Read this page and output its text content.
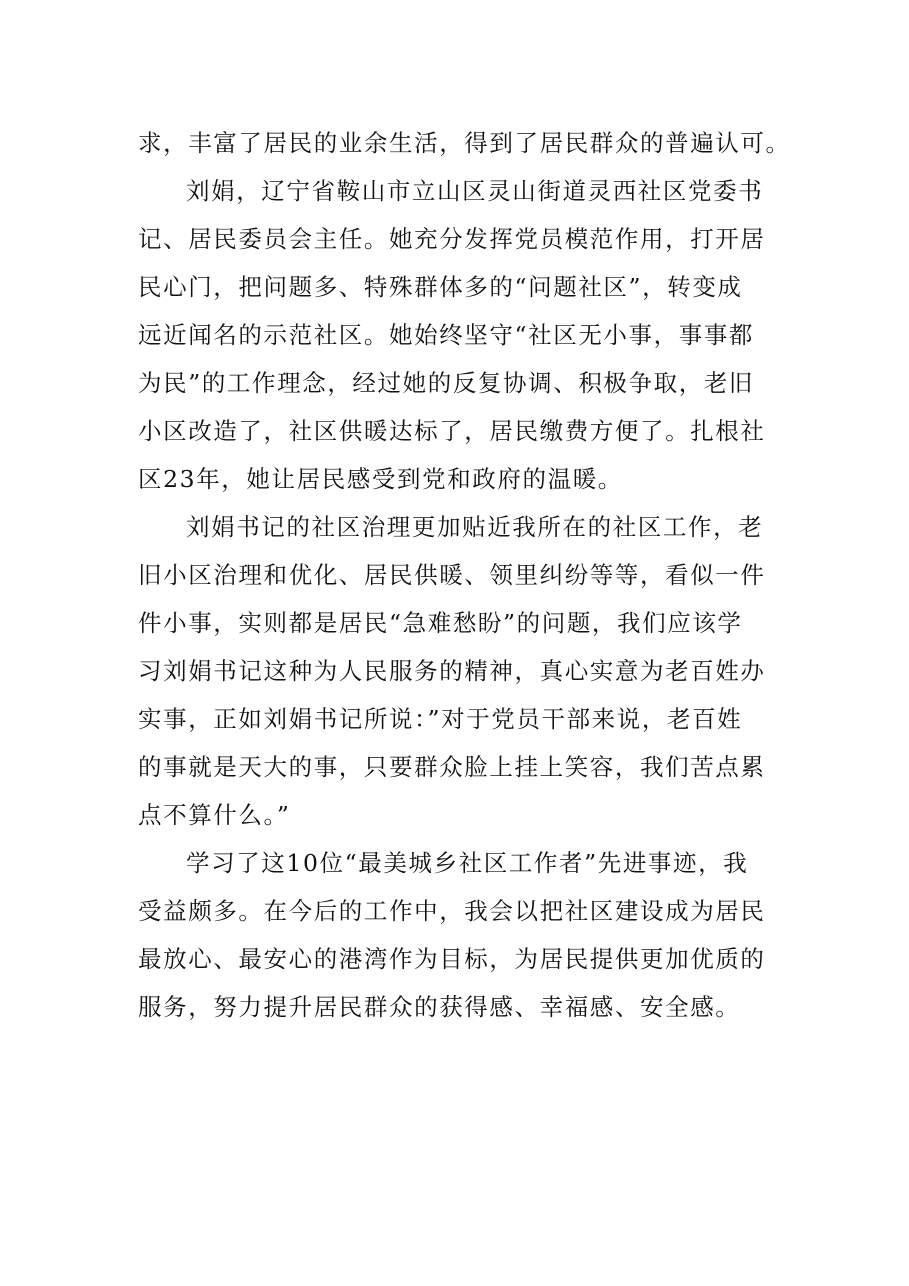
求，丰富了居民的业余生活，得到了居民群众的普遍认可。
刘娟，辽宁省鞍山市立山区灵山街道灵西社区党委书
记、居民委员会主任。她充分发挥党员模范作用，打开居
民心门，把问题多、特殊群体多的“问题社区”，转变成
远近闻名的示范社区。她始终坚守“社区无小事，事事都
为民”的工作理念，经过她的反复协调、积极争取，老旧
小区改造了，社区供暖达标了，居民缴费方便了。扎根社
区23年，她让居民感受到党和政府的温暖。
刘娟书记的社区治理更加贴近我所在的社区工作，老
旧小区治理和优化、居民供暖、领里纠纷等等，看似一件
件小事，实则都是居民“急难愁盼”的问题，我们应该学
习刘娟书记这种为人民服务的精神，真心实意为老百姓办
实事，正如刘娟书记所说：”对于党员干部来说，老百姓
的事就是天大的事，只要群众脸上挂上笑容，我们苦点累
点不算什么。”
学习了这10位“最美城乡社区工作者”先进事迹，我
受益颇多。在今后的工作中，我会以把社区建设成为居民
最放心、最安心的港湾作为目标，为居民提供更加优质的
服务，努力提升居民群众的获得感、幸福感、安全感。
